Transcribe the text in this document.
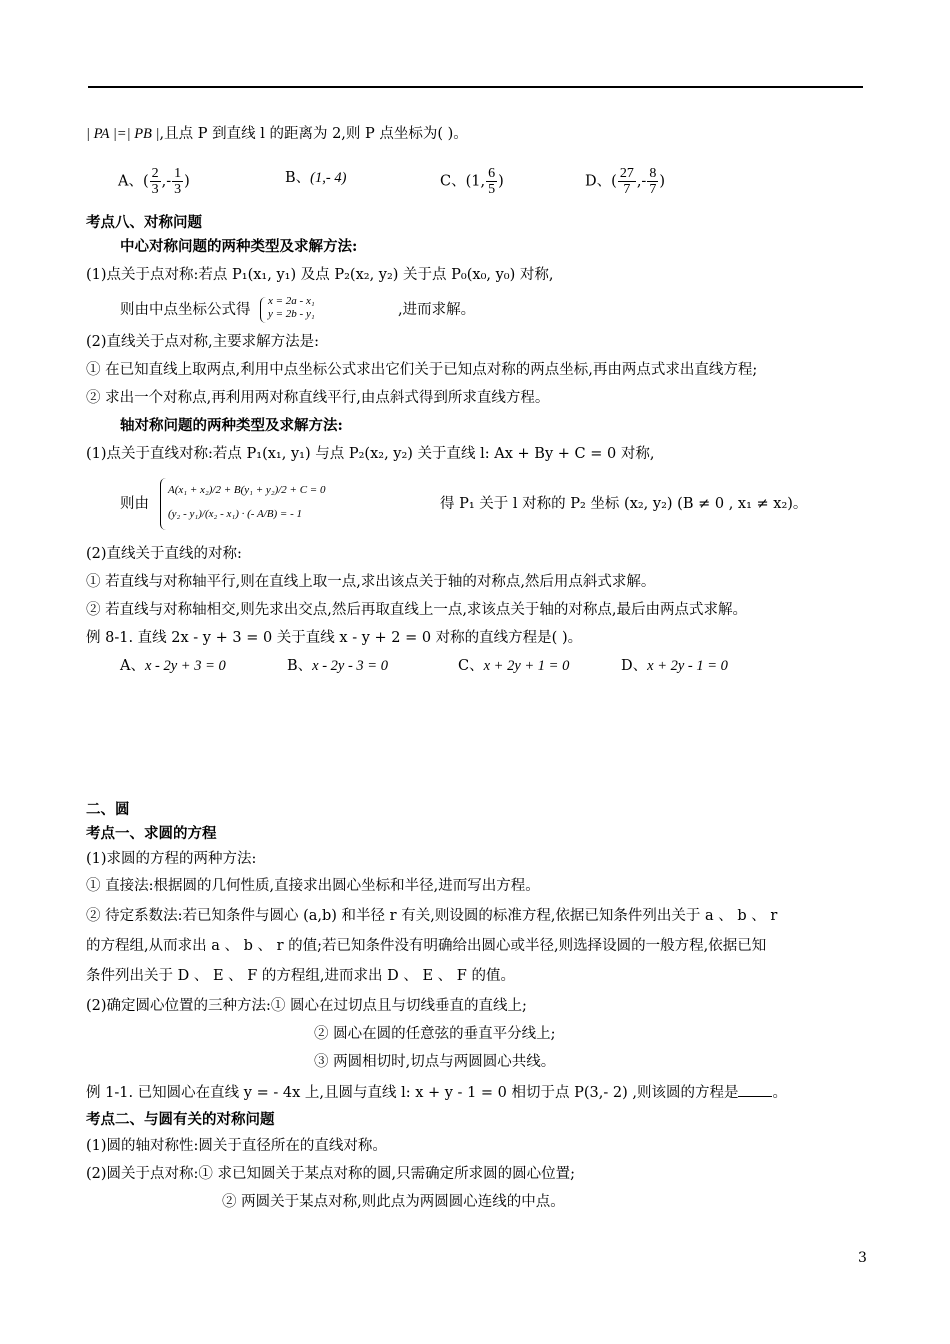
| PA |=| PB |,且点 P 到直线 l 的距离为 2,则 P 点坐标为( )。
A、( $\frac{2}{3}$ ,- $\frac{1}{3}$ )	B、(1,- 4)	C、(1, $\frac{6}{5}$ )	D、( $\frac{27}{7}$ ,- $\frac{8}{7}$ )
考点八、对称问题
中心对称问题的两种类型及求解方法:
(1)点关于点对称:若点 P₁(x₁, y₁) 及点 P₂(x₂, y₂) 关于点 P₀(x₀, y₀) 对称,
则由中点坐标公式得
x = 2a - x₁
y = 2b - y₁	,进而求解。
(2)直线关于点对称,主要求解方法是:
① 在已知直线上取两点,利用中点坐标公式求出它们关于已知点对称的两点坐标,再由两点式求出直线方程;
② 求出一个对称点,再利用两对称直线平行,由点斜式得到所求直线方程。
轴对称问题的两种类型及求解方法:
(1)点关于直线对称:若点 P₁(x₁, y₁) 与点 P₂(x₂, y₂) 关于直线 l: Ax + By + C = 0 对称,
则由
A(x₁ + x₂)/2 + B(y₁ + y₂)/2 + C = 0
(y₂ - y₁)/(x₂ - x₁) · (- A/B) = - 1
得 P₁ 关于 l 对称的 P₂ 坐标 (x₂, y₂) (B ≠ 0 , x₁ ≠ x₂)。
(2)直线关于直线的对称:
① 若直线与对称轴平行,则在直线上取一点,求出该点关于轴的对称点,然后用点斜式求解。
② 若直线与对称轴相交,则先求出交点,然后再取直线上一点,求该点关于轴的对称点,最后由两点式求解。
例 8-1. 直线 2x - y + 3 = 0 关于直线 x - y + 2 = 0 对称的直线方程是( )。
A、x - 2y + 3 = 0	B、x - 2y - 3 = 0	C、x + 2y + 1 = 0	D、x + 2y - 1 = 0
二、圆
考点一、求圆的方程
(1)求圆的方程的两种方法:
① 直接法:根据圆的几何性质,直接求出圆心坐标和半径,进而写出方程。
② 待定系数法:若已知条件与圆心 (a,b) 和半径 r 有关,则设圆的标准方程,依据已知条件列出关于 a 、 b 、 r
的方程组,从而求出 a 、 b 、 r 的值;若已知条件没有明确给出圆心或半径,则选择设圆的一般方程,依据已知
条件列出关于 D 、 E 、 F 的方程组,进而求出 D 、 E 、 F 的值。
(2)确定圆心位置的三种方法:① 圆心在过切点且与切线垂直的直线上;
② 圆心在圆的任意弦的垂直平分线上;
③ 两圆相切时,切点与两圆圆心共线。
例 1-1. 已知圆心在直线 y = - 4x 上,且圆与直线 l: x + y - 1 = 0 相切于点 P(3,- 2) ,则该圆的方程是 。
考点二、与圆有关的对称问题
(1)圆的轴对称性:圆关于直径所在的直线对称。
(2)圆关于点对称:① 求已知圆关于某点对称的圆,只需确定所求圆的圆心位置;
② 两圆关于某点对称,则此点为两圆圆心连线的中点。
3
